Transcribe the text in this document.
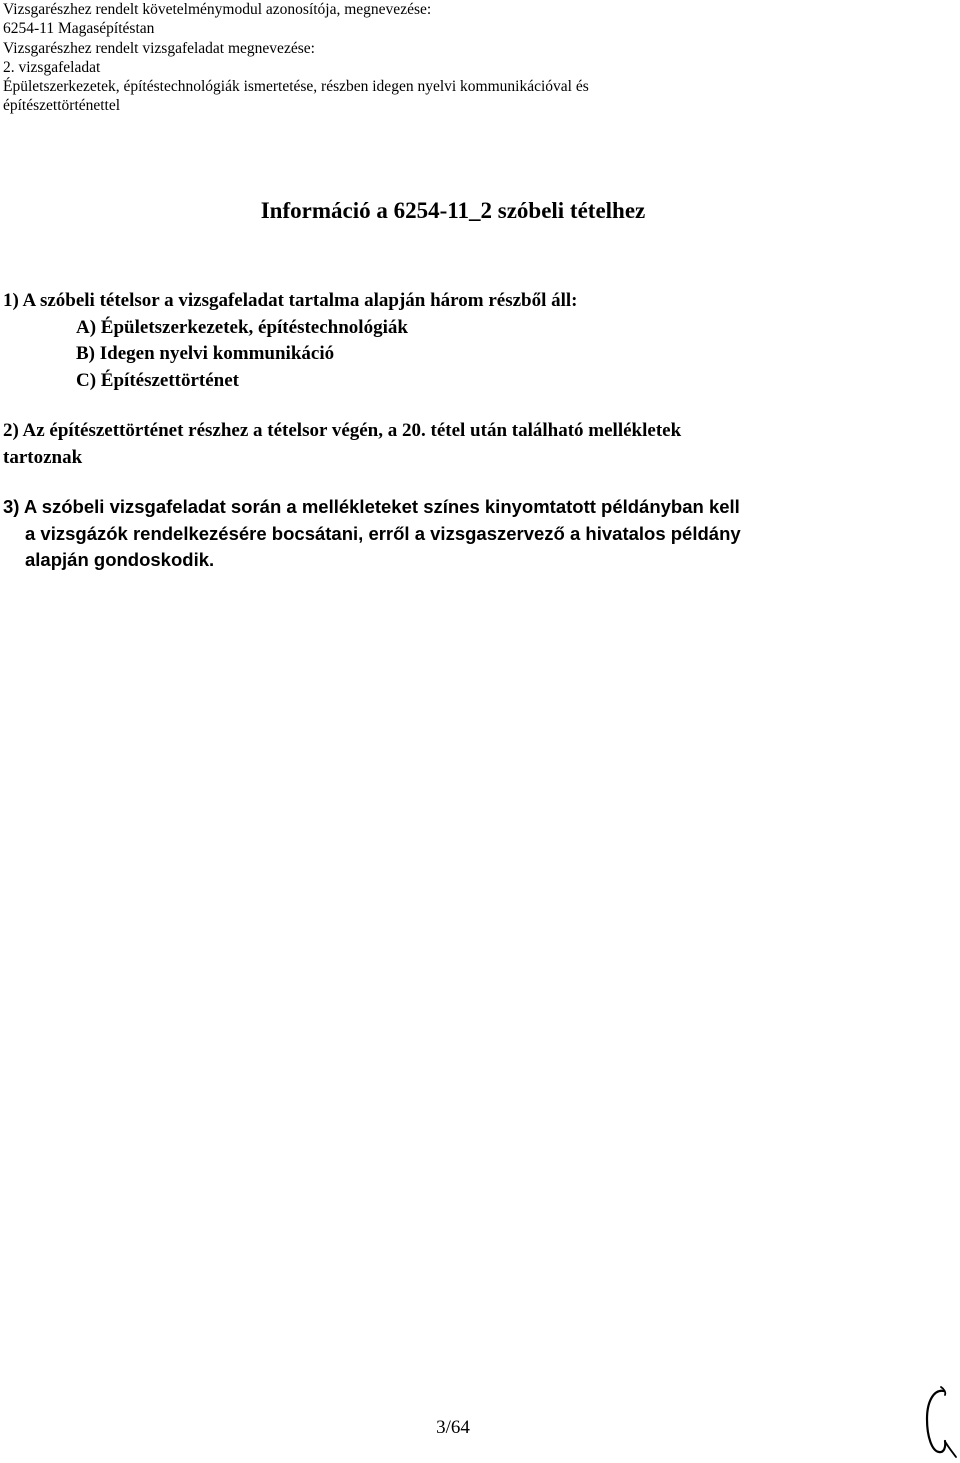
Vizsgarészhez rendelt követelménymodul azonosítója, megnevezése:
6254-11 Magasépítéstan
Vizsgarészhez rendelt vizsgafeladat megnevezése:
2. vizsgafeladat
Épületszerkezetek, építéstechnológiák ismertetése, részben idegen nyelvi kommunikációval és
építészettörténettel
Információ a 6254-11_2 szóbeli tételhez
1) A szóbeli tételsor a vizsgafeladat tartalma alapján három részből áll:
A) Épületszerkezetek, építéstechnológiák
B) Idegen nyelvi kommunikáció
C) Építészettörténet
2) Az építészettörténet részhez a tételsor végén, a 20. tétel után található mellékletek
tartoznak
3) A szóbeli vizsgafeladat során a mellékleteket színes kinyomtatott példányban kell
a vizsgázók rendelkezésére bocsátani, erről a vizsgaszervező a hivatalos példány
alapján gondoskodik.
3/64
